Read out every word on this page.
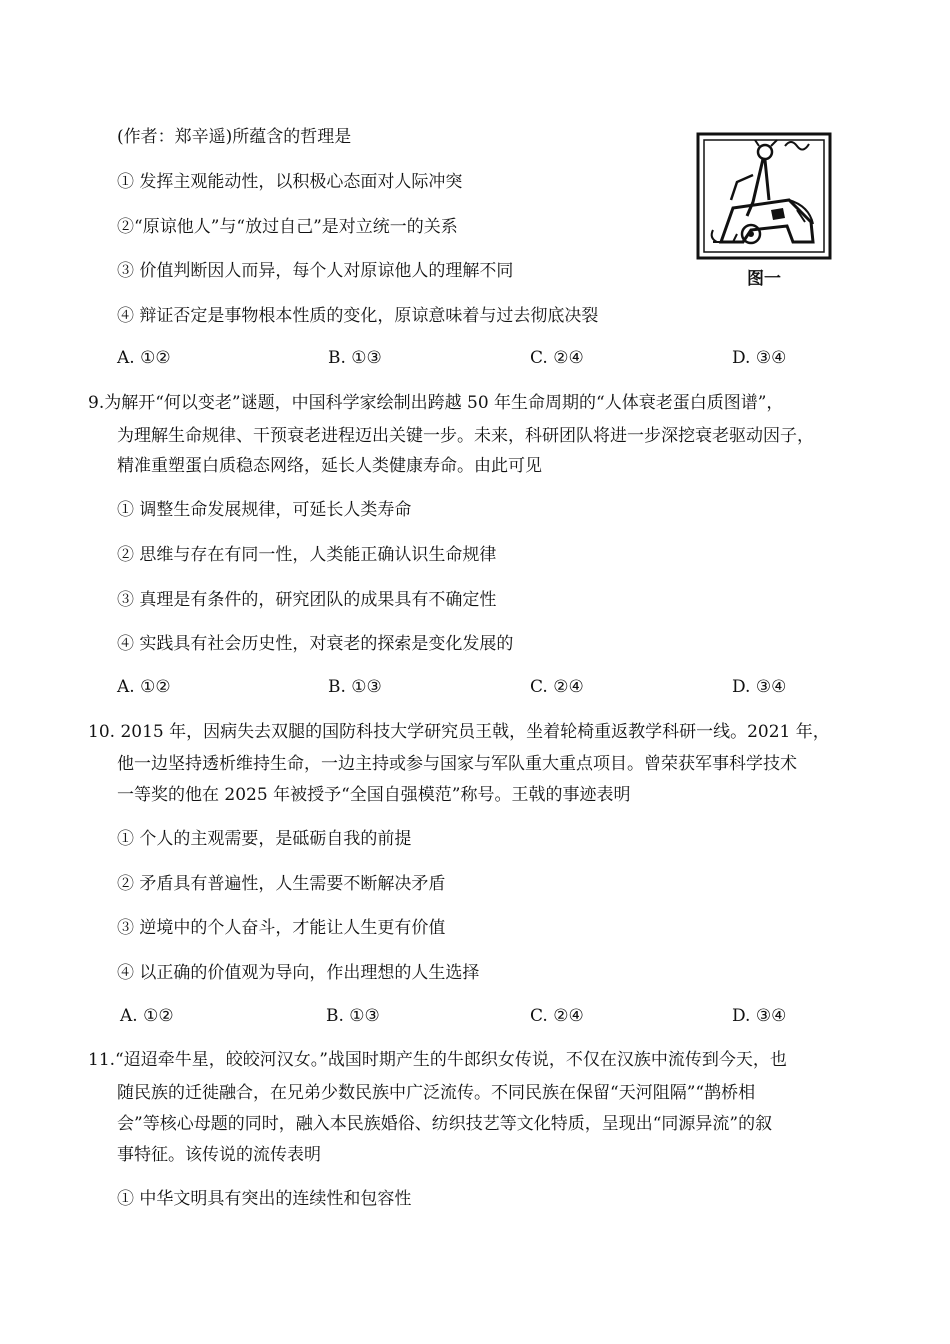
(作者：郑辛遥)所蕴含的哲理是
① 发挥主观能动性，以积极心态面对人际冲突
②“原谅他人”与“放过自己”是对立统一的关系
③ 价值判断因人而异，每个人对原谅他人的理解不同
④ 辩证否定是事物根本性质的变化，原谅意味着与过去彻底决裂
A. ①②	B. ①③	C. ②④	D. ③④
图一
9.为解开“何以变老”谜题，中国科学家绘制出跨越 50 年生命周期的“人体衰老蛋白质图谱”，
为理解生命规律、干预衰老进程迈出关键一步。未来，科研团队将进一步深挖衰老驱动因子，
精准重塑蛋白质稳态网络，延长人类健康寿命。由此可见
① 调整生命发展规律，可延长人类寿命
② 思维与存在有同一性，人类能正确认识生命规律
③ 真理是有条件的，研究团队的成果具有不确定性
④ 实践具有社会历史性，对衰老的探索是变化发展的
A. ①②	B. ①③	C. ②④	D. ③④
10. 2015 年，因病失去双腿的国防科技大学研究员王戟，坐着轮椅重返教学科研一线。2021 年，
他一边坚持透析维持生命，一边主持或参与国家与军队重大重点项目。曾荣获军事科学技术
一等奖的他在 2025 年被授予“全国自强模范”称号。王戟的事迹表明
① 个人的主观需要，是砥砺自我的前提
② 矛盾具有普遍性，人生需要不断解决矛盾
③ 逆境中的个人奋斗，才能让人生更有价值
④ 以正确的价值观为导向，作出理想的人生选择
A. ①②	B. ①③	C. ②④	D. ③④
11.“迢迢牵牛星，皎皎河汉女。”战国时期产生的牛郎织女传说，不仅在汉族中流传到今天，也
随民族的迁徙融合，在兄弟少数民族中广泛流传。不同民族在保留“天河阻隔”“鹊桥相
会”等核心母题的同时，融入本民族婚俗、纺织技艺等文化特质，呈现出“同源异流”的叙
事特征。该传说的流传表明
① 中华文明具有突出的连续性和包容性
